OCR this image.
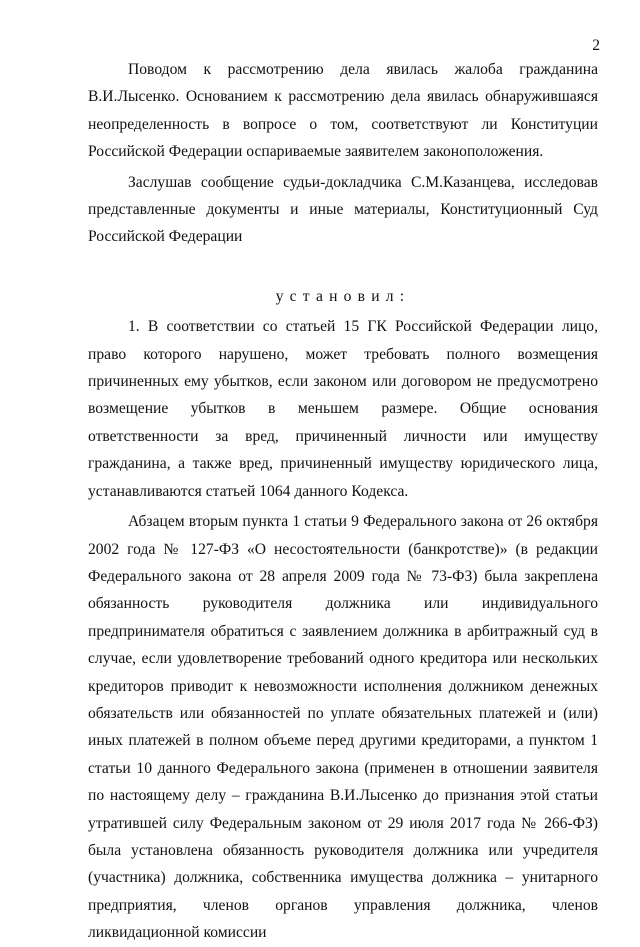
2

Поводом к рассмотрению дела явилась жалоба гражданина В.И.Лысенко. Основанием к рассмотрению дела явилась обнаружившаяся неопределенность в вопросе о том, соответствуют ли Конституции Российской Федерации оспариваемые заявителем законоположения.

Заслушав сообщение судьи-докладчика С.М.Казанцева, исследовав представленные документы и иные материалы, Конституционный Суд Российской Федерации

установил:

1. В соответствии со статьей 15 ГК Российской Федерации лицо, право которого нарушено, может требовать полного возмещения причиненных ему убытков, если законом или договором не предусмотрено возмещение убытков в меньшем размере. Общие основания ответственности за вред, причиненный личности или имуществу гражданина, а также вред, причиненный имуществу юридического лица, устанавливаются статьей 1064 данного Кодекса.

Абзацем вторым пункта 1 статьи 9 Федерального закона от 26 октября 2002 года № 127-ФЗ «О несостоятельности (банкротстве)» (в редакции Федерального закона от 28 апреля 2009 года № 73-ФЗ) была закреплена обязанность руководителя должника или индивидуального предпринимателя обратиться с заявлением должника в арбитражный суд в случае, если удовлетворение требований одного кредитора или нескольких кредиторов приводит к невозможности исполнения должником денежных обязательств или обязанностей по уплате обязательных платежей и (или) иных платежей в полном объеме перед другими кредиторами, а пунктом 1 статьи 10 данного Федерального закона (применен в отношении заявителя по настоящему делу – гражданина В.И.Лысенко до признания этой статьи утратившей силу Федеральным законом от 29 июля 2017 года № 266-ФЗ) была установлена обязанность руководителя должника или учредителя (участника) должника, собственника имущества должника – унитарного предприятия, членов органов управления должника, членов ликвидационной комиссии
